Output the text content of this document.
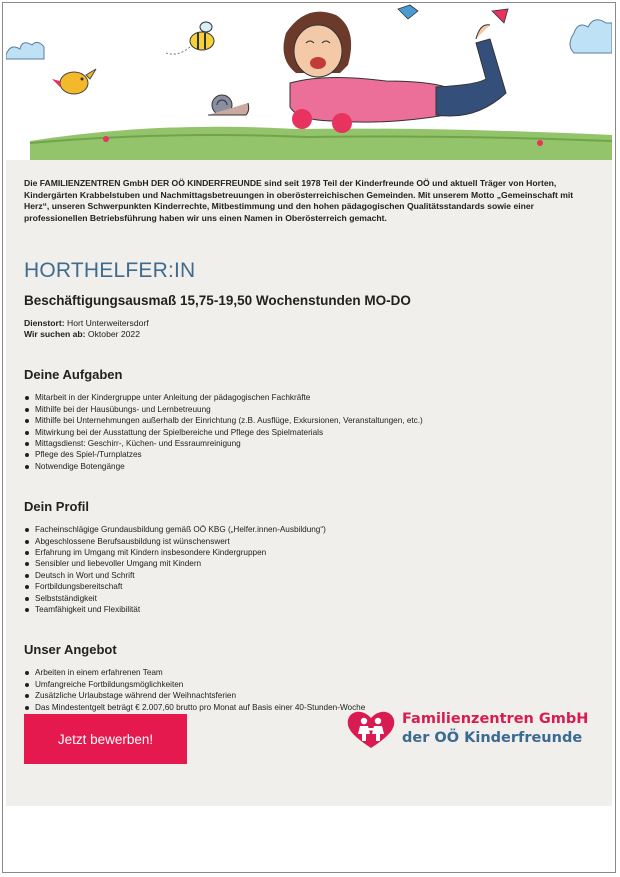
Die FAMILIENZENTREN GmbH DER OÖ KINDERFREUNDE sind seit 1978 Teil der Kinderfreunde OÖ und aktuell Träger von Horten, Kindergärten Krabbelstuben und Nachmittagsbetreuungen in oberösterreichischen Gemeinden. Mit unserem Motto „Gemeinschaft mit Herz“, unseren Schwerpunkten Kinderrechte, Mitbestimmung und den hohen pädagogischen Qualitätsstandards sowie einer professionellen Betriebsführung haben wir uns einen Namen in Oberösterreich gemacht.

HORTHELFER:IN
Beschäftigungsausmaß 15,75-19,50 Wochenstunden MO-DO
Dienstort: Hort Unterweitersdorf
Wir suchen ab: Oktober 2022
Deine Aufgaben
Mitarbeit in der Kindergruppe unter Anleitung der pädagogischen Fachkräfte
Mithilfe bei der Hausübungs- und Lernbetreuung
Mithilfe bei Unternehmungen außerhalb der Einrichtung (z.B. Ausflüge, Exkursionen, Veranstaltungen, etc.)
Mitwirkung bei der Ausstattung der Spielbereiche und Pflege des Spielmaterials
Mittagsdienst: Geschirr-, Küchen- und Essraumreinigung
Pflege des Spiel-/Turnplatzes
Notwendige Botengänge
Dein Profil
Facheinschlägige Grundausbildung gemäß OÖ KBG („Helfer.innen-Ausbildung“)
Abgeschlossene Berufsausbildung ist wünschenswert
Erfahrung im Umgang mit Kindern insbesondere Kindergruppen
Sensibler und liebevoller Umgang mit Kindern
Deutsch in Wort und Schrift
Fortbildungsbereitschaft
Selbstständigkeit
Teamfähigkeit und Flexibilität
Unser Angebot
Arbeiten in einem erfahrenen Team
Umfangreiche Fortbildungsmöglichkeiten
Zusätzliche Urlaubstage während der Weihnachtsferien
Das Mindestentgelt beträgt € 2.007,60 brutto pro Monat auf Basis einer 40-Stunden-Woche
Jetzt bewerben!
Familienzentren GmbH
der OÖ Kinderfreunde
